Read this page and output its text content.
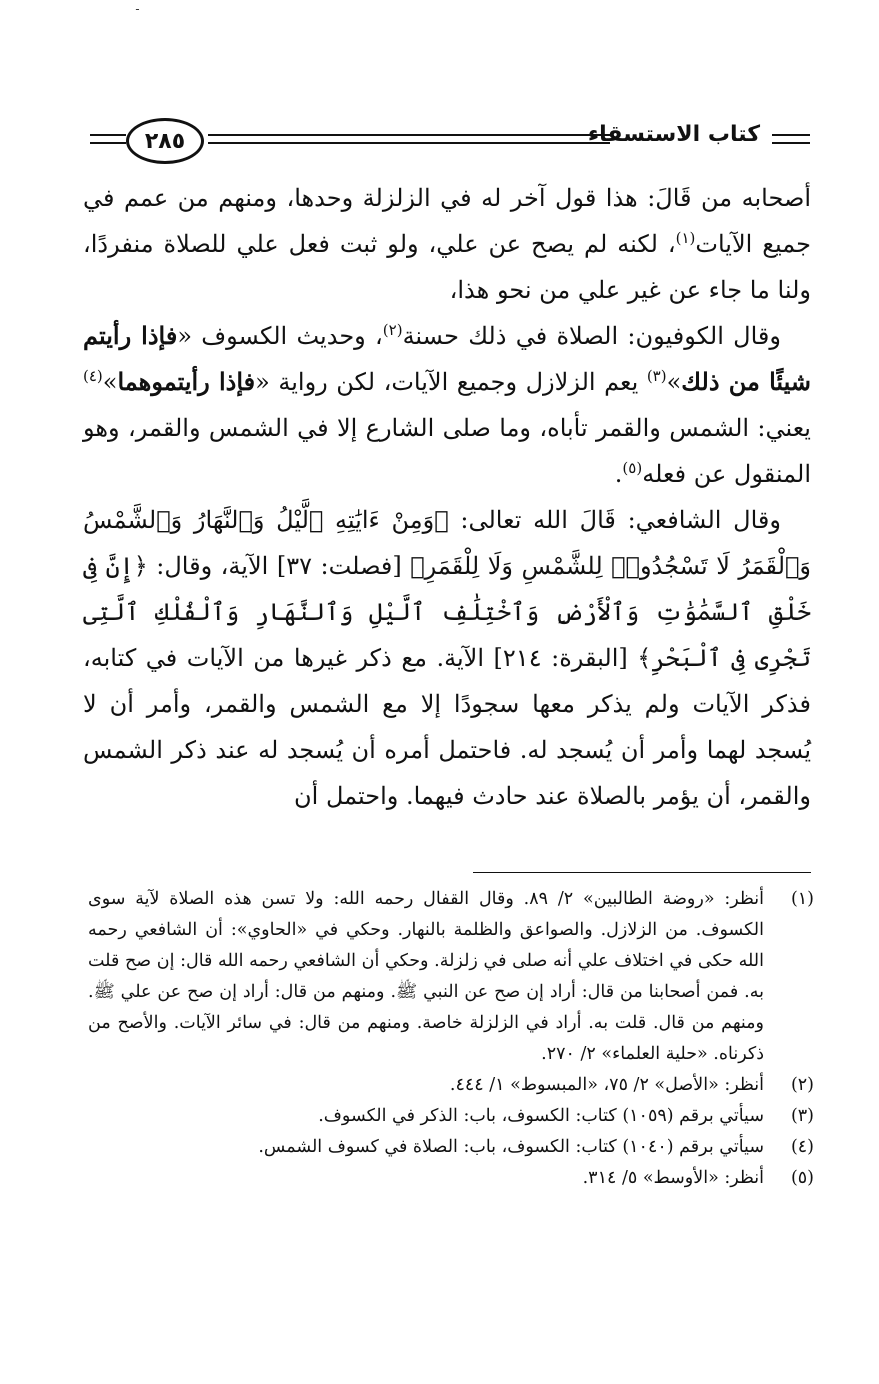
ـ
كتاب الاستسقاء
٢٨٥

أصحابه من قَالَ: هذا قول آخر له في الزلزلة وحدها، ومنهم من عمم في جميع الآيات$^{(١)}$، لكنه لم يصح عن علي، ولو ثبت فعل علي للصلاة منفردًا، ولنا ما جاء عن غير علي من نحو هذا،

وقال الكوفيون: الصلاة في ذلك حسنة$^{(٢)}$، وحديث الكسوف «فإذا رأيتم شيئًا من ذلك»$^{(٣)}$ يعم الزلازل وجميع الآيات، لكن رواية «فإذا رأيتموهما»$^{(٤)}$ يعني: الشمس والقمر تأباه، وما صلى الشارع إلا في الشمس والقمر، وهو المنقول عن فعله$^{(٥)}$.

وقال الشافعي: قَالَ الله تعالى: ﴿وَمِنْ ءَايَٰتِهِ ٱلَّيْلُ وَٱلنَّهَارُ وَٱلشَّمْسُ وَٱلْقَمَرُ لَا تَسْجُدُوا۟ لِلشَّمْسِ وَلَا لِلْقَمَرِ﴾ [فصلت: ٣٧] الآية، وقال: ﴿إِنَّ فِى خَلْقِ ٱلسَّمَٰوَٰتِ وَٱلْأَرْضِ وَٱخْتِلَٰفِ ٱلَّيْلِ وَٱلنَّهَارِ وَٱلْفُلْكِ ٱلَّتِى تَجْرِى فِى ٱلْبَحْرِ﴾ [البقرة: ٢١٤] الآية. مع ذكر غيرها من الآيات في كتابه، فذكر الآيات ولم يذكر معها سجودًا إلا مع الشمس والقمر، وأمر أن لا يُسجد لهما وأمر أن يُسجد له. فاحتمل أمره أن يُسجد له عند ذكر الشمس والقمر، أن يؤمر بالصلاة عند حادث فيهما. واحتمل أن

(١)
أنظر: «روضة الطالبين» ٢/ ٨٩. وقال القفال رحمه الله: ولا تسن هذه الصلاة لآية سوى الكسوف. من الزلازل. والصواعق والظلمة بالنهار. وحكي في «الحاوي»: أن الشافعي رحمه الله حكى في اختلاف علي أنه صلى في زلزلة. وحكي أن الشافعي رحمه الله قال: إن صح قلت به. فمن أصحابنا من قال: أراد إن صح عن النبي ﷺ. ومنهم من قال: أراد إن صح عن علي ﷺ. ومنهم من قال. قلت به. أراد في الزلزلة خاصة. ومنهم من قال: في سائر الآيات. والأصح من ذكرناه. «حلية العلماء» ٢/ ٢٧٠.
(٢)
أنظر: «الأصل» ٢/ ٧٥، «المبسوط» ١/ ٤٤٤.
(٣)
سيأتي برقم (١٠٥٩) كتاب: الكسوف، باب: الذكر في الكسوف.
(٤)
سيأتي برقم (١٠٤٠) كتاب: الكسوف، باب: الصلاة في كسوف الشمس.
(٥)
أنظر: «الأوسط» ٥/ ٣١٤.
